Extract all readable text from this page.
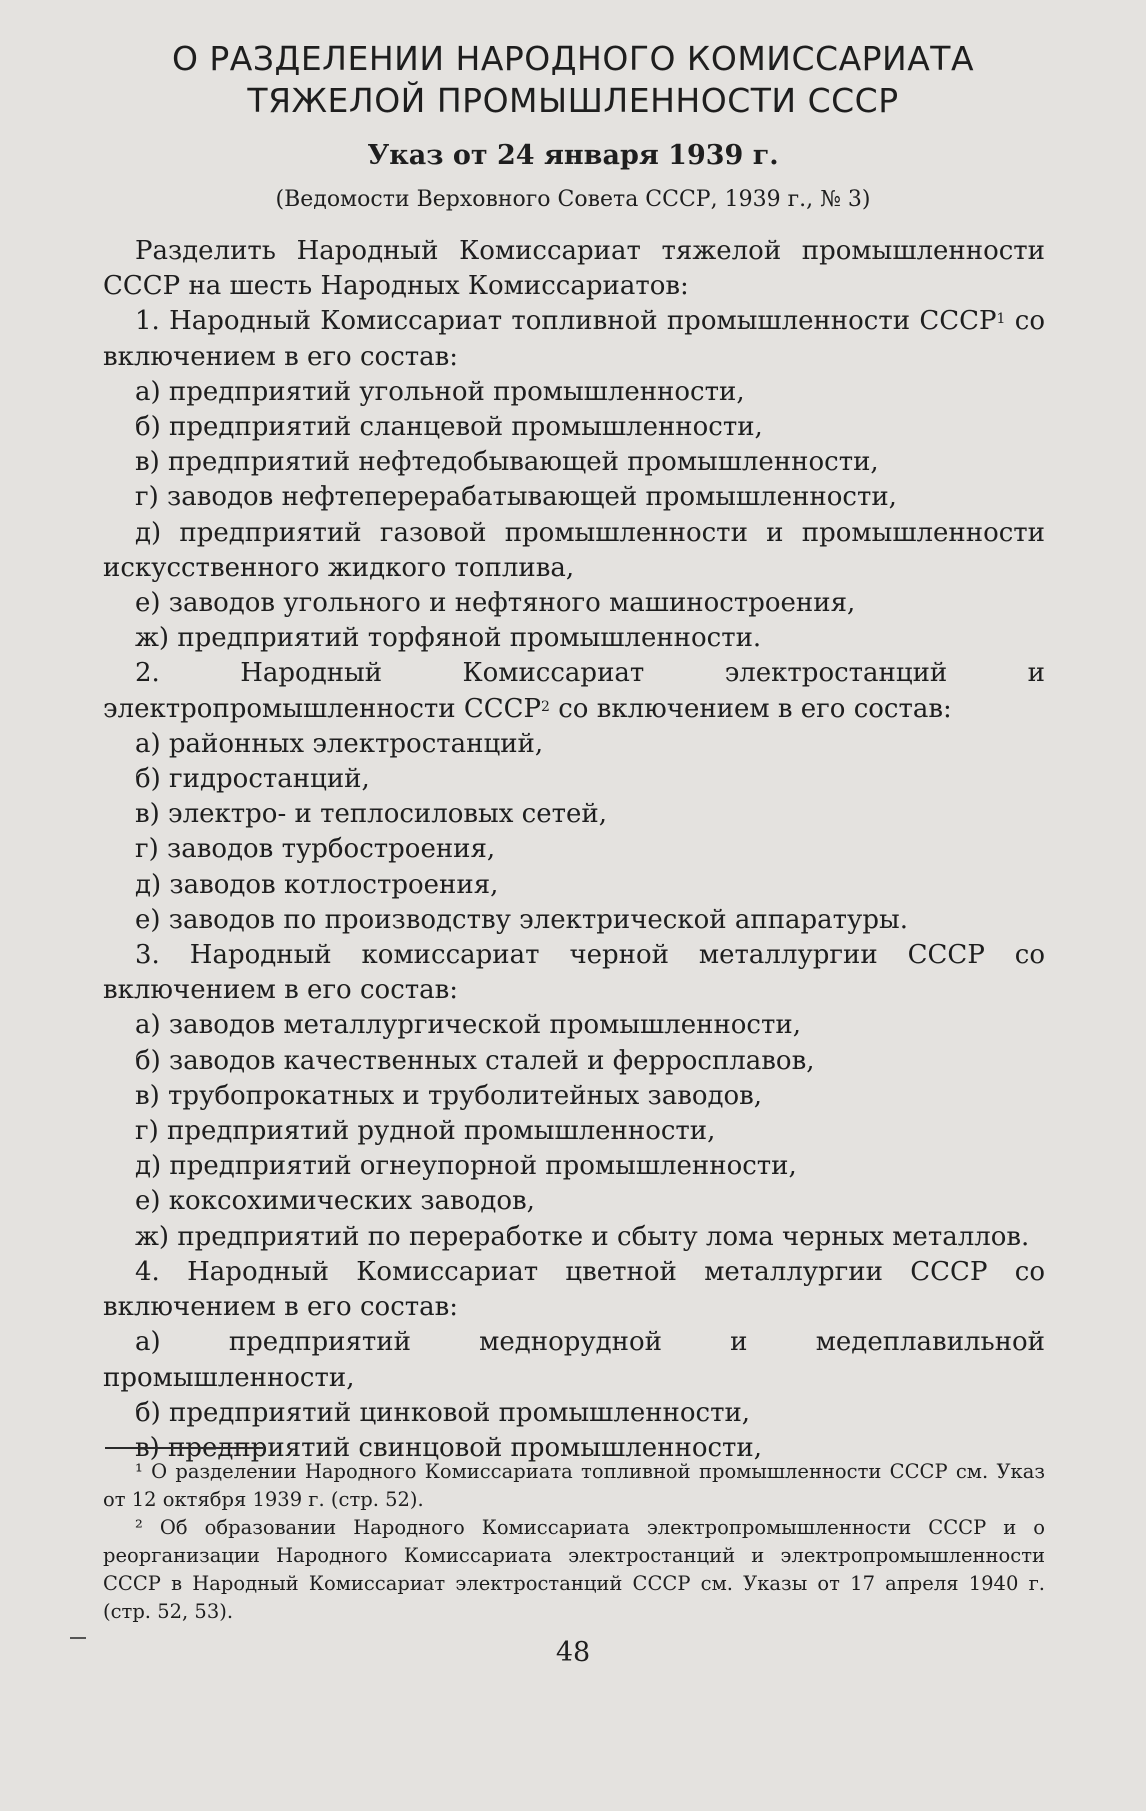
О РАЗДЕЛЕНИИ НАРОДНОГО КОМИССАРИАТА
ТЯЖЕЛОЙ ПРОМЫШЛЕННОСТИ СССР
Указ от 24 января 1939 г.
(Ведомости Верховного Совета СССР, 1939 г., № 3)

Разделить Народный Комиссариат тяжелой промышленности СССР на шесть Народных Комиссариатов:

1. Народный Комиссариат топливной промышленности СССР$^1$ со включением в его состав:

а) предприятий угольной промышленности,

б) предприятий сланцевой промышленности,

в) предприятий нефтедобывающей промышленности,

г) заводов нефтеперерабатывающей промышленности,

д) предприятий газовой промышленности и промышленности искусственного жидкого топлива,

е) заводов угольного и нефтяного машиностроения,

ж) предприятий торфяной промышленности.

2. Народный Комиссариат электростанций и электропромышленности СССР$^2$ со включением в его состав:

а) районных электростанций,

б) гидростанций,

в) электро- и теплосиловых сетей,

г) заводов турбостроения,

д) заводов котлостроения,

е) заводов по производству электрической аппаратуры.

3. Народный комиссариат черной металлургии СССР со включением в его состав:

а) заводов металлургической промышленности,

б) заводов качественных сталей и ферросплавов,

в) трубопрокатных и труболитейных заводов,

г) предприятий рудной промышленности,

д) предприятий огнеупорной промышленности,

е) коксохимических заводов,

ж) предприятий по переработке и сбыту лома черных металлов.

4. Народный Комиссариат цветной металлургии СССР со включением в его состав:

а) предприятий меднорудной и медеплавильной промышленности,

б) предприятий цинковой промышленности,

в) предприятий свинцовой промышленности,

¹ О разделении Народного Комиссариата топливной промышленности СССР см. Указ от 12 октября 1939 г. (стр. 52).

² Об образовании Народного Комиссариата электропромышленности СССР и о реорганизации Народного Комиссариата электростанций и электропромышленности СССР в Народный Комиссариат электростанций СССР см. Указы от 17 апреля 1940 г. (стр. 52, 53).

48
